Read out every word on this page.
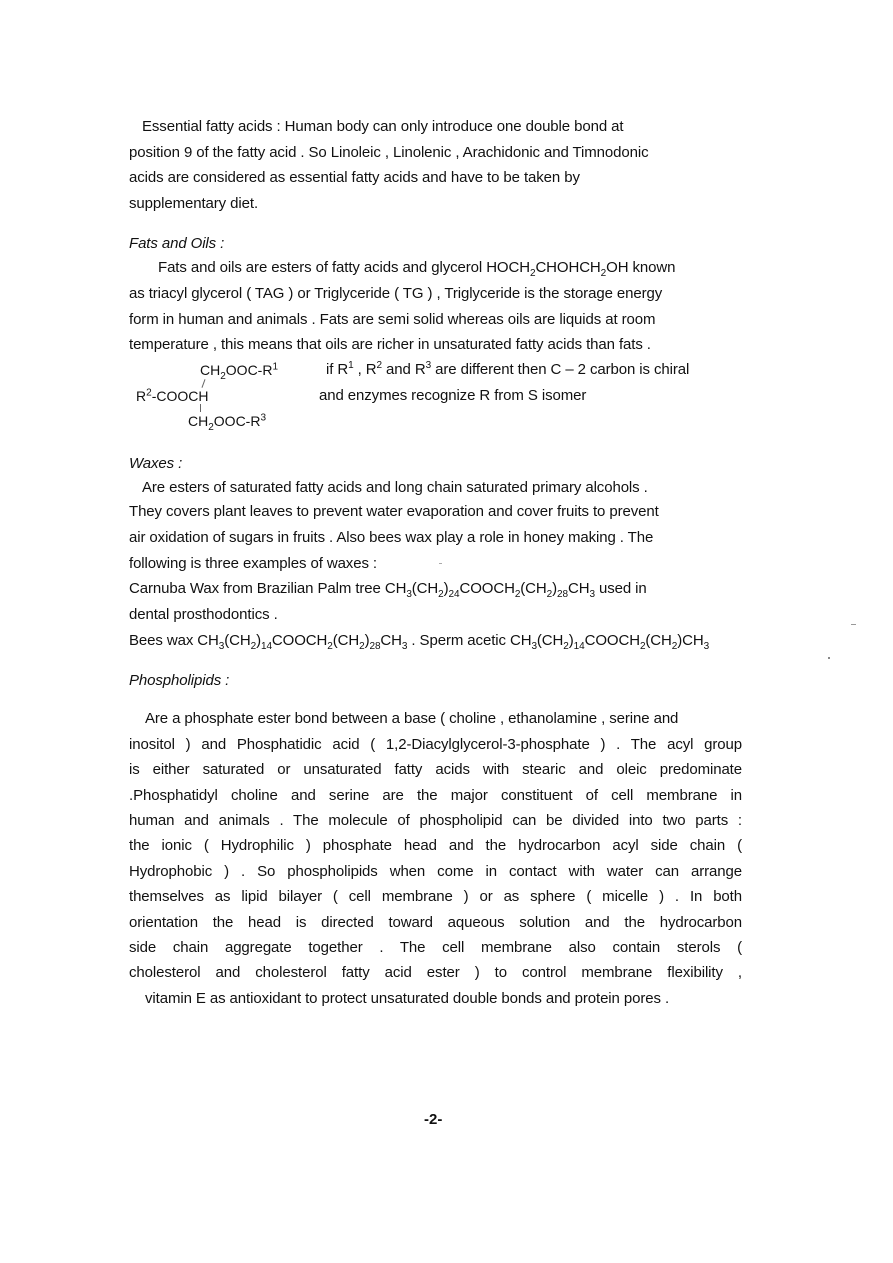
Essential fatty acids : Human body can only introduce one double bond at
position 9 of the fatty acid . So Linoleic , Linolenic , Arachidonic and Timnodonic
acids are considered as essential fatty acids and have to be taken by
supplementary diet.
Fats and Oils :
Fats and oils are esters of fatty acids and glycerol $HOCH_2CHOHCH_2OH$ known
as triacyl glycerol ( TAG ) or Triglyceride ( TG ) , Triglyceride is the storage energy
form in human and animals . Fats are semi solid whereas oils are liquids at room
temperature , this means that oils are richer in unsaturated fatty acids than fats .
$CH_2OOC-R^1$
$R^2$-COOCH
$CH_2OOC-R^3$
if $R^1$ , $R^2$ and $R^3$ are different then C – 2 carbon is chiral
and enzymes recognize R from S isomer
Waxes :
Are esters of saturated fatty acids and long chain saturated primary alcohols .
They covers plant leaves to prevent water evaporation and cover fruits to prevent
air oxidation of sugars in fruits . Also bees wax play a role in honey making . The
following is three examples of waxes :
Carnuba Wax from Brazilian Palm tree $CH_3(CH_2)_{24}COOCH_2(CH_2)_{28}CH_3$ used in
dental prosthodontics .
Bees wax $CH_3(CH_2)_{14}COOCH_2(CH_2)_{28}CH_3$ . Sperm acetic $CH_3(CH_2)_{14}COOCH_2(CH_2)CH_3$
Phospholipids :
Are a phosphate ester bond between a base ( choline , ethanolamine , serine and
inositol ) and Phosphatidic acid ( 1,2-Diacylglycerol-3-phosphate ) . The acyl group
is either saturated or unsaturated fatty acids with stearic and oleic predominate
.Phosphatidyl choline and serine are the major constituent of cell membrane in
human and animals . The molecule of phospholipid can be divided into two parts :
the ionic ( Hydrophilic ) phosphate head and the hydrocarbon acyl side chain (
Hydrophobic ) . So phospholipids when come in contact with water can arrange
themselves as lipid bilayer ( cell membrane ) or as sphere ( micelle ) . In both
orientation the head is directed toward aqueous solution and the hydrocarbon
side chain aggregate together . The cell membrane also contain sterols (
cholesterol and cholesterol fatty acid ester ) to control membrane flexibility ,
vitamin E as antioxidant to protect unsaturated double bonds and protein pores .
-2-
